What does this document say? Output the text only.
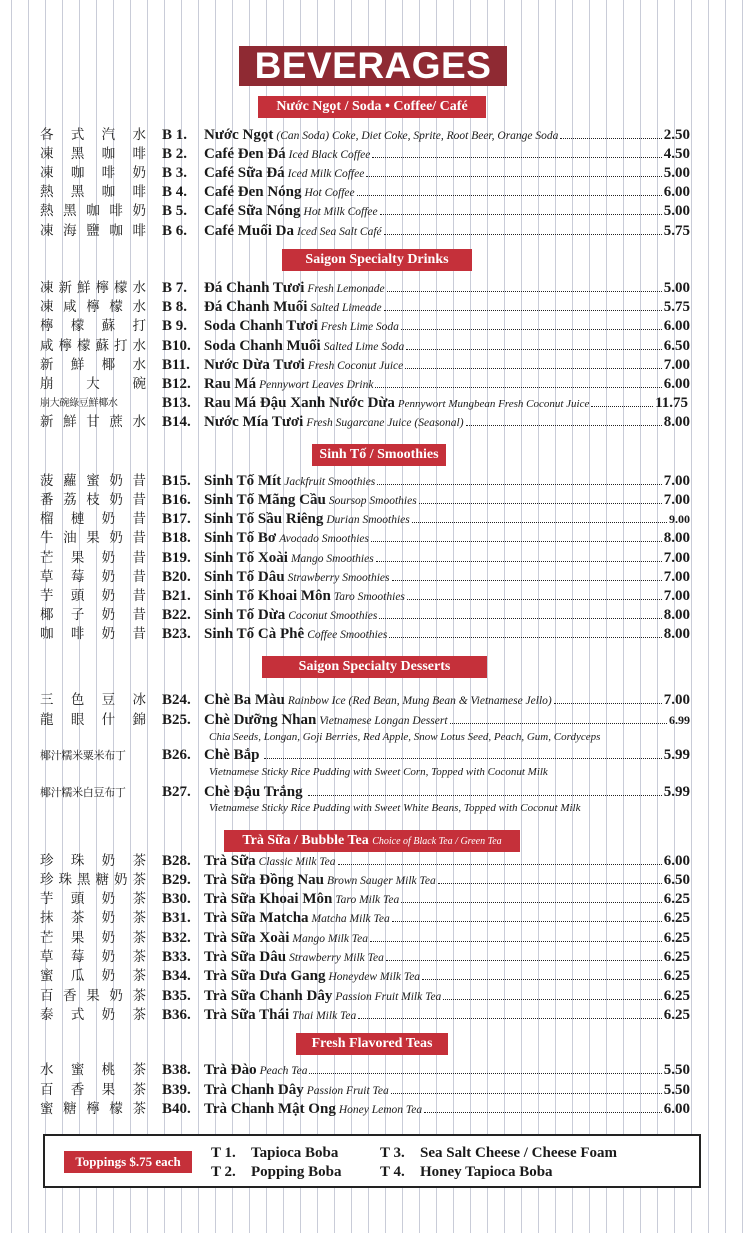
BEVERAGES
Nước Ngọt / Soda • Coffee/ Café
各式汽水 B 1.	Nước Ngọt (Can Soda) Coke, Diet Coke, Sprite, Root Beer, Orange Soda	2.50
凍黑咖啡 B 2.	Café Đen Đá Iced Black Coffee	4.50
凍咖啡奶 B 3.	Café Sữa Đá Iced Milk Coffee	5.00
熱黑咖啡 B 4.	Café Đen Nóng Hot Coffee	6.00
熱黑咖啡奶 B 5.	Café Sữa Nóng Hot Milk Coffee	5.00
凍海鹽咖啡 B 6.	Café Muối Da Iced Sea Salt Café	5.75
Saigon Specialty Drinks
凍新鮮檸檬水 B 7.	Đá Chanh Tươi Fresh Lemonade	5.00
凍咸檸檬水 B 8.	Đá Chanh Muối Salted Limeade	5.75
檸檬蘇打 B 9.	Soda Chanh Tươi Fresh Lime Soda	6.00
咸檸檬蘇打水 B10. Soda Chanh Muối Salted Lime Soda	6.50
新鮮椰水 B11. Nước Dừa Tươi Fresh Coconut Juice	7.00
崩大碗 B12. Rau Má Pennywort Leaves Drink	6.00
崩大碗綠豆鮮椰水	B13. Rau Má Đậu Xanh Nước Dừa Pennywort Mungbean Fresh Coconut Juice	11.75
新鮮甘蔗水 B14. Nước Mía Tươi Fresh Sugarcane Juice (Seasonal)	8.00
Sinh Tố / Smoothies
菠蘿蜜奶昔 B15. Sinh Tố Mít Jackfruit Smoothies	7.00
番荔枝奶昔 B16. Sinh Tố Mãng Cầu Soursop Smoothies	7.00
榴槤奶昔 B17. Sinh Tố Sầu Riêng Durian Smoothies	9.00
牛油果奶昔 B18. Sinh Tố Bơ Avocado Smoothies	8.00
芒果奶昔 B19. Sinh Tố Xoài Mango Smoothies	7.00
草莓奶昔 B20. Sinh Tố Dâu Strawberry Smoothies	7.00
芋頭奶昔 B21. Sinh Tố Khoai Môn Taro Smoothies	7.00
椰子奶昔 B22. Sinh Tố Dừa Coconut Smoothies	8.00
咖啡奶昔 B23. Sinh Tố Cà Phê Coffee Smoothies	8.00
Saigon Specialty Desserts
三色豆冰 B24. Chè Ba Màu Rainbow Ice (Red Bean, Mung Bean & Vietnamese Jello)	7.00
龍眼什錦 B25. Chè Dưỡng Nhan Vietnamese Longan Dessert	6.99
Chia Seeds, Longan, Goji Berries, Red Apple, Snow Lotus Seed, Peach, Gum, Cordyceps
椰汁糯米粟米布丁	B26. Chè Bắp	5.99
Vietnamese Sticky Rice Pudding with Sweet Corn, Topped with Coconut Milk
椰汁糯米白豆布丁	B27. Chè Đậu Trắng	5.99
Vietnamese Sticky Rice Pudding with Sweet White Beans, Topped with Coconut Milk
Trà Sữa / Bubble Tea Choice of Black Tea / Green Tea
珍珠奶茶 B28. Trà Sữa Classic Milk Tea	6.00
珍珠黑糖奶茶 B29. Trà Sữa Đồng Nau Brown Sauger Milk Tea	6.50
芋頭奶茶 B30. Trà Sữa Khoai Môn Taro Milk Tea	6.25
抹茶奶茶 B31. Trà Sữa Matcha Matcha Milk Tea	6.25
芒果奶茶 B32. Trà Sữa Xoài Mango Milk Tea	6.25
草莓奶茶 B33. Trà Sữa Dâu Strawberry Milk Tea	6.25
蜜瓜奶茶 B34. Trà Sữa Dưa Gang Honeydew Milk Tea	6.25
百香果奶茶 B35. Trà Sữa Chanh Dây Passion Fruit Milk Tea	6.25
泰式奶茶 B36. Trà Sữa Thái Thai Milk Tea	6.25
Fresh Flavored Teas
水蜜桃茶 B38. Trà Đào Peach Tea	5.50
百香果茶 B39. Trà Chanh Dây Passion Fruit Tea	5.50
蜜糖檸檬茶 B40. Trà Chanh Mật Ong Honey Lemon Tea	6.00
Toppings $.75 each
T 1. Tapioca Boba
T 2. Popping Boba
T 3. Sea Salt Cheese / Cheese Foam
T 4. Honey Tapioca Boba
